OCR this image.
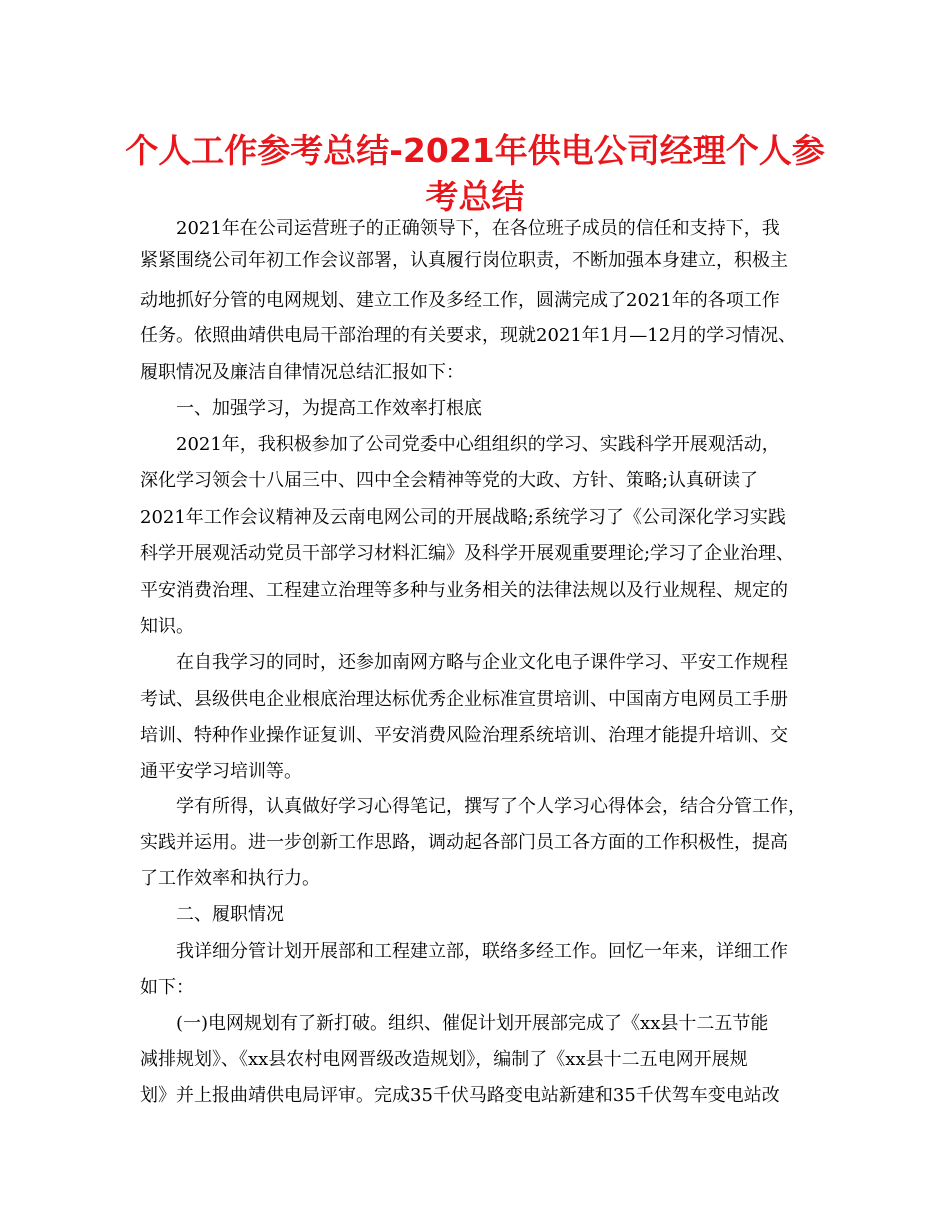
个人工作参考总结-2021年供电公司经理个人参
考总结
2021年在公司运营班子的正确领导下，在各位班子成员的信任和支持下，我
紧紧围绕公司年初工作会议部署，认真履行岗位职责，不断加强本身建立，积极主
动地抓好分管的电网规划、建立工作及多经工作，圆满完成了2021年的各项工作
任务。依照曲靖供电局干部治理的有关要求，现就2021年1月—12月的学习情况、
履职情况及廉洁自律情况总结汇报如下：
一、加强学习，为提高工作效率打根底
2021年，我积极参加了公司党委中心组组织的学习、实践科学开展观活动，
深化学习领会十八届三中、四中全会精神等党的大政、方针、策略;认真研读了
2021年工作会议精神及云南电网公司的开展战略;系统学习了《公司深化学习实践
科学开展观活动党员干部学习材料汇编》及科学开展观重要理论;学习了企业治理、
平安消费治理、工程建立治理等多种与业务相关的法律法规以及行业规程、规定的
知识。
在自我学习的同时，还参加南网方略与企业文化电子课件学习、平安工作规程
考试、县级供电企业根底治理达标优秀企业标准宣贯培训、中国南方电网员工手册
培训、特种作业操作证复训、平安消费风险治理系统培训、治理才能提升培训、交
通平安学习培训等。
学有所得，认真做好学习心得笔记，撰写了个人学习心得体会，结合分管工作，
实践并运用。进一步创新工作思路，调动起各部门员工各方面的工作积极性，提高
了工作效率和执行力。
二、履职情况
我详细分管计划开展部和工程建立部，联络多经工作。回忆一年来，详细工作
如下：
(一)电网规划有了新打破。组织、催促计划开展部完成了《xx县十二五节能
减排规划》、《xx县农村电网晋级改造规划》，编制了《xx县十二五电网开展规
划》并上报曲靖供电局评审。完成35千伏马路变电站新建和35千伏驾车变电站改
